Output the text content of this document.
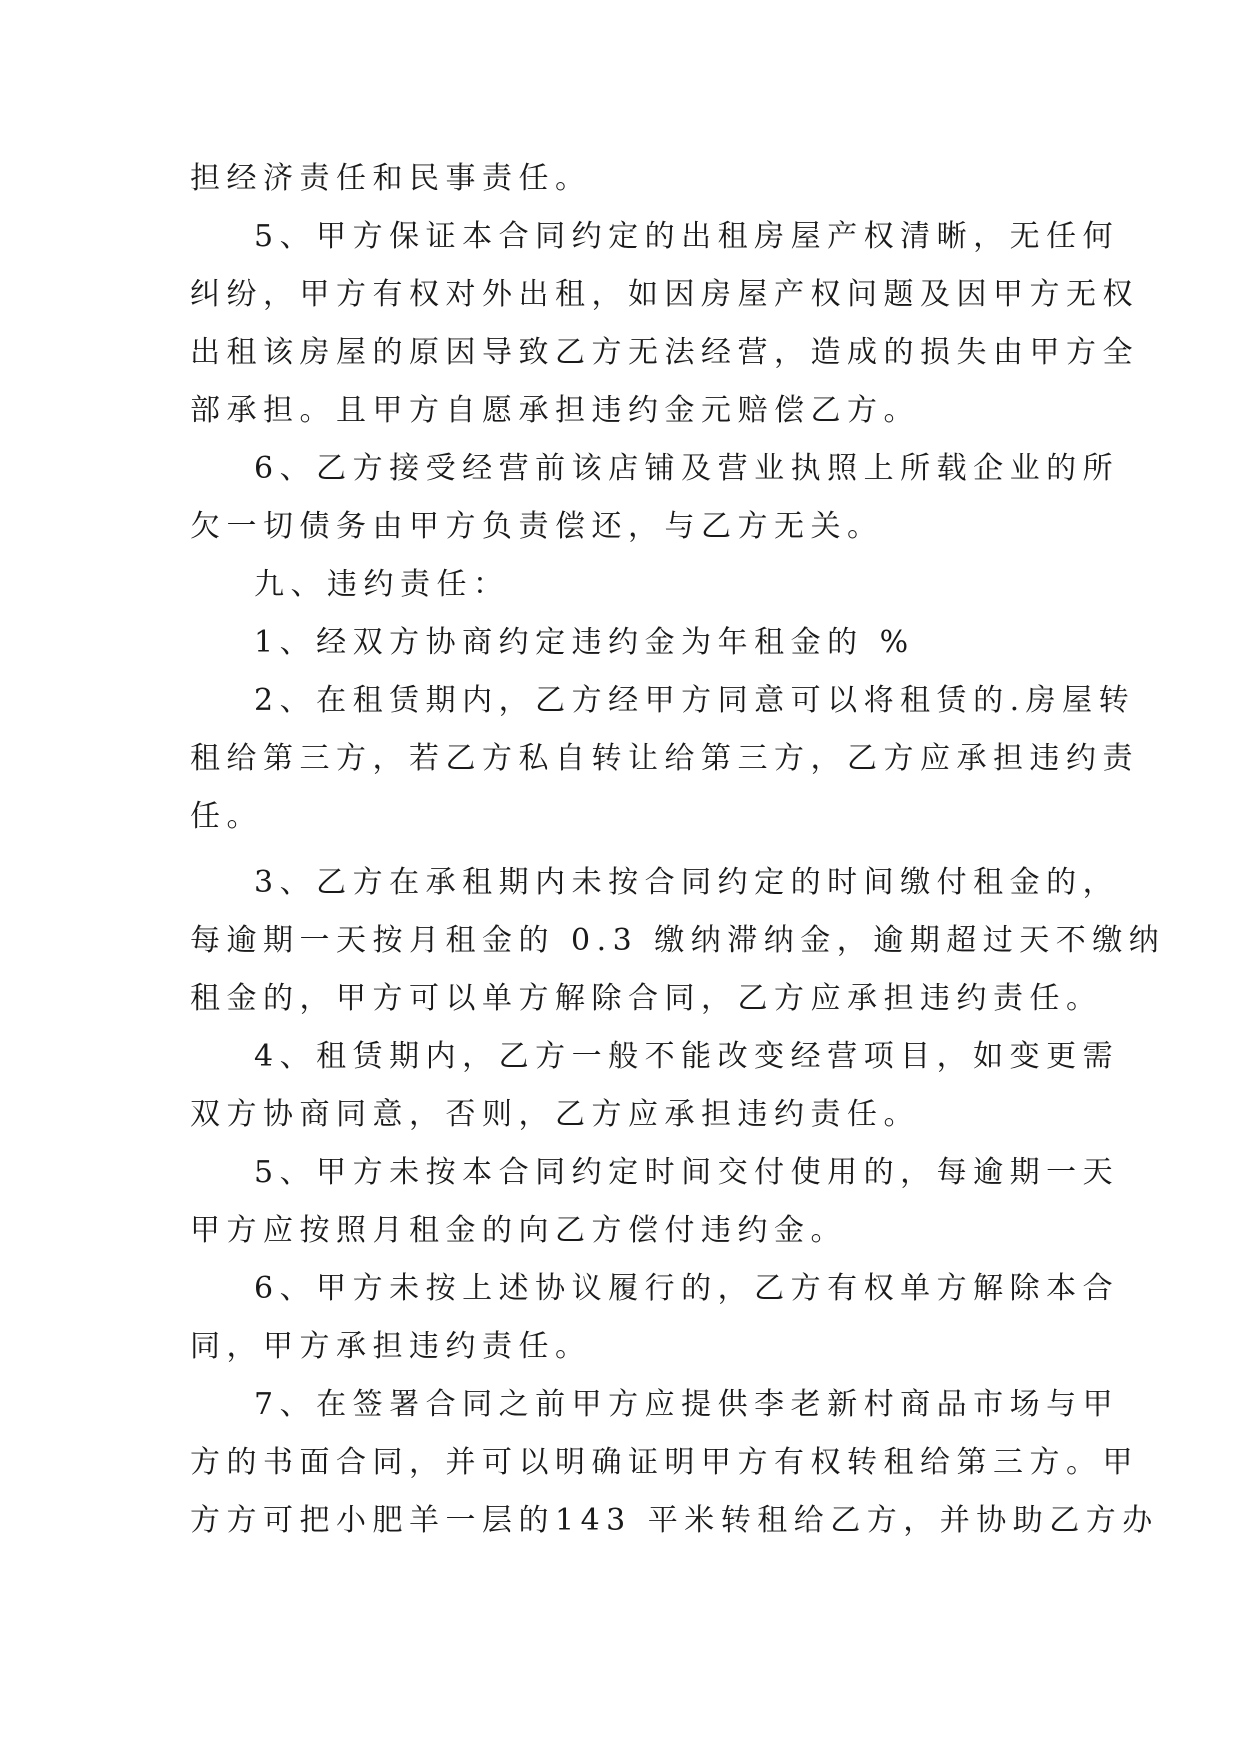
担经济责任和民事责任。
5、甲方保证本合同约定的出租房屋产权清晰，无任何
纠纷，甲方有权对外出租，如因房屋产权问题及因甲方无权
出租该房屋的原因导致乙方无法经营，造成的损失由甲方全
部承担。且甲方自愿承担违约金元赔偿乙方。
6、乙方接受经营前该店铺及营业执照上所载企业的所
欠一切债务由甲方负责偿还，与乙方无关。
九、违约责任：
1、经双方协商约定违约金为年租金的 %
2、在租赁期内，乙方经甲方同意可以将租赁的.房屋转
租给第三方，若乙方私自转让给第三方，乙方应承担违约责
任。
3、乙方在承租期内未按合同约定的时间缴付租金的，
每逾期一天按月租金的 0.3 缴纳滞纳金，逾期超过天不缴纳
租金的，甲方可以单方解除合同，乙方应承担违约责任。
4、租赁期内，乙方一般不能改变经营项目，如变更需
双方协商同意，否则，乙方应承担违约责任。
5、甲方未按本合同约定时间交付使用的，每逾期一天
甲方应按照月租金的向乙方偿付违约金。
6、甲方未按上述协议履行的，乙方有权单方解除本合
同，甲方承担违约责任。
7、在签署合同之前甲方应提供李老新村商品市场与甲
方的书面合同，并可以明确证明甲方有权转租给第三方。甲
方方可把小肥羊一层的143 平米转租给乙方，并协助乙方办
